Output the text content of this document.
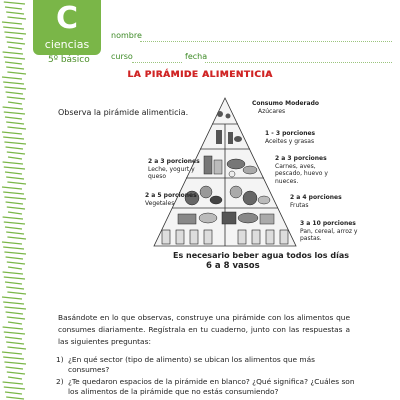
C
ciencias
5º básico
nombre
curso	fecha
LA PIRÁMIDE ALIMENTICIA
Observa la pirámide alimenticia.
Consumo Moderado
Azúcares
1 - 3 porciones
Aceites y grasas
2 a 3 porciones
Leche, yogurt y queso
2 a 3 porciones
Carnes, aves, pescado, huevo y nueces.
2 a 5 porciones
Vegetales
2 a 4 porciones
Frutas
3 a 10 porciones
Pan, cereal, arroz y pastas.
Es necesario beber agua todos los días
6 a 8 vasos
Basándote en lo que observas, construye una pirámide con los alimentos que consumes diariamente. Regístrala en tu cuaderno, junto con las respuestas a las siguientes preguntas:
1) ¿En qué sector (tipo de alimento) se ubican los alimentos que más consumes?
2) ¿Te quedaron espacios de la pirámide en blanco? ¿Qué significa? ¿Cuáles son los alimentos de la pirámide que no estás consumiendo?
